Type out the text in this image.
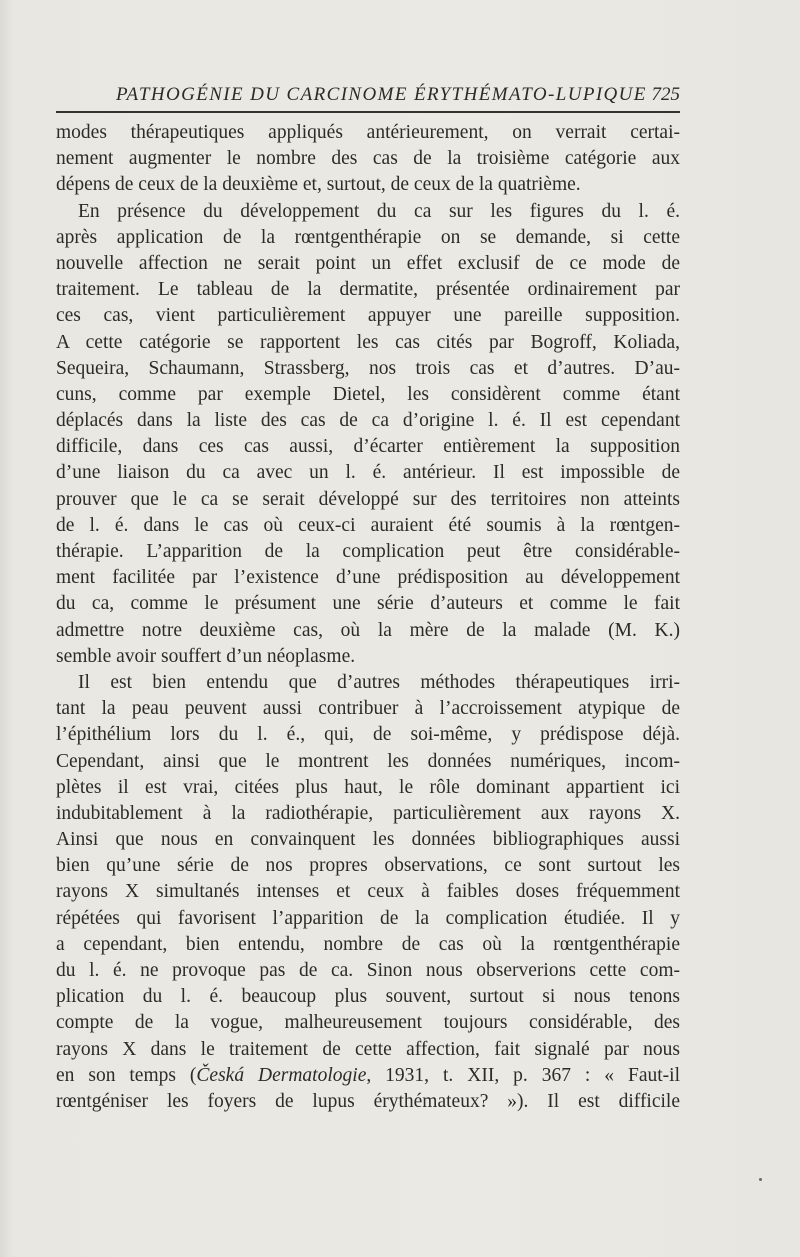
PATHOGÉNIE DU CARCINOME ÉRYTHÉMATO-LUPIQUE 725
modes thérapeutiques appliqués antérieurement, on verrait certai-
nement augmenter le nombre des cas de la troisième catégorie aux
dépens de ceux de la deuxième et, surtout, de ceux de la quatrième.
En présence du développement du ca sur les figures du l. é.
après application de la rœntgenthérapie on se demande, si cette
nouvelle affection ne serait point un effet exclusif de ce mode de
traitement. Le tableau de la dermatite, présentée ordinairement par
ces cas, vient particulièrement appuyer une pareille supposition.
A cette catégorie se rapportent les cas cités par Bogroff, Koliada,
Sequeira, Schaumann, Strassberg, nos trois cas et d’autres. D’au-
cuns, comme par exemple Dietel, les considèrent comme étant
déplacés dans la liste des cas de ca d’origine l. é. Il est cependant
difficile, dans ces cas aussi, d’écarter entièrement la supposition
d’une liaison du ca avec un l. é. antérieur. Il est impossible de
prouver que le ca se serait développé sur des territoires non atteints
de l. é. dans le cas où ceux-ci auraient été soumis à la rœntgen-
thérapie. L’apparition de la complication peut être considérable-
ment facilitée par l’existence d’une prédisposition au développement
du ca, comme le présument une série d’auteurs et comme le fait
admettre notre deuxième cas, où la mère de la malade (M. K.)
semble avoir souffert d’un néoplasme.
Il est bien entendu que d’autres méthodes thérapeutiques irri-
tant la peau peuvent aussi contribuer à l’accroissement atypique de
l’épithélium lors du l. é., qui, de soi-même, y prédispose déjà.
Cependant, ainsi que le montrent les données numériques, incom-
plètes il est vrai, citées plus haut, le rôle dominant appartient ici
indubitablement à la radiothérapie, particulièrement aux rayons X.
Ainsi que nous en convainquent les données bibliographiques aussi
bien qu’une série de nos propres observations, ce sont surtout les
rayons X simultanés intenses et ceux à faibles doses fréquemment
répétées qui favorisent l’apparition de la complication étudiée. Il y
a cependant, bien entendu, nombre de cas où la rœntgenthérapie
du l. é. ne provoque pas de ca. Sinon nous observerions cette com-
plication du l. é. beaucoup plus souvent, surtout si nous tenons
compte de la vogue, malheureusement toujours considérable, des
rayons X dans le traitement de cette affection, fait signalé par nous
en son temps (Česká Dermatologie, 1931, t. XII, p. 367 : « Faut-il
rœntgéniser les foyers de lupus érythémateux? »). Il est difficile
